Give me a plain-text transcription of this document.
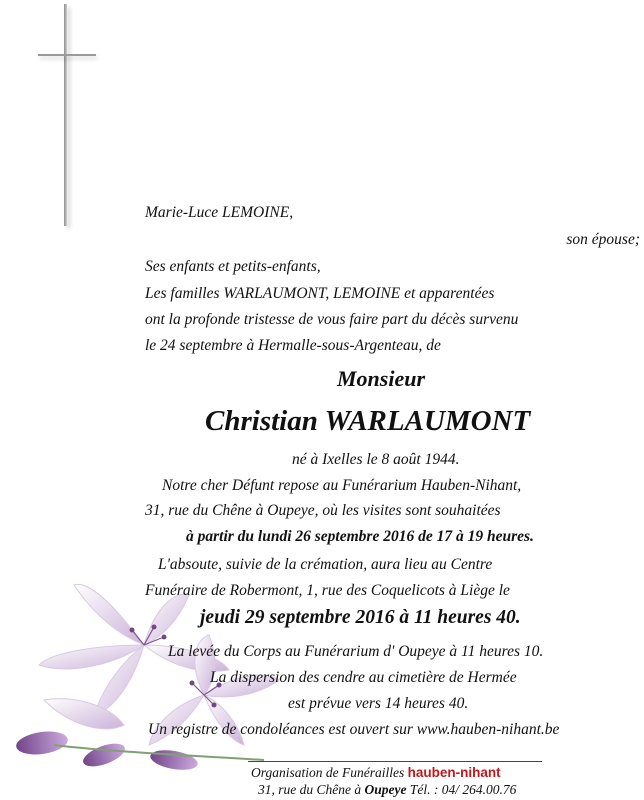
Marie-Luce LEMOINE,
son épouse;
Ses enfants et petits-enfants,
Les familles WARLAUMONT, LEMOINE et apparentées
ont la profonde tristesse de vous faire part du décès survenu
le 24 septembre à Hermalle-sous-Argenteau, de
Monsieur
Christian WARLAUMONT
né à Ixelles le 8 août 1944.
Notre cher Défunt repose au Funérarium Hauben-Nihant,
31, rue du Chêne à Oupeye, où les visites sont souhaitées
à partir du lundi 26 septembre 2016 de 17 à 19 heures.
L'absoute, suivie de la crémation, aura lieu au Centre
Funéraire de Robermont, 1, rue des Coquelicots à Liège le
jeudi 29 septembre 2016 à 11 heures 40.
La levée du Corps au Funérarium d' Oupeye à 11 heures 10.
La dispersion des cendre au cimetière de Hermée
est prévue vers 14 heures 40.
Un registre de condoléances est ouvert sur www.hauben-nihant.be
Organisation de Funérailles hauben-nihant
31, rue du Chêne à Oupeye Tél. : 04/ 264.00.76
